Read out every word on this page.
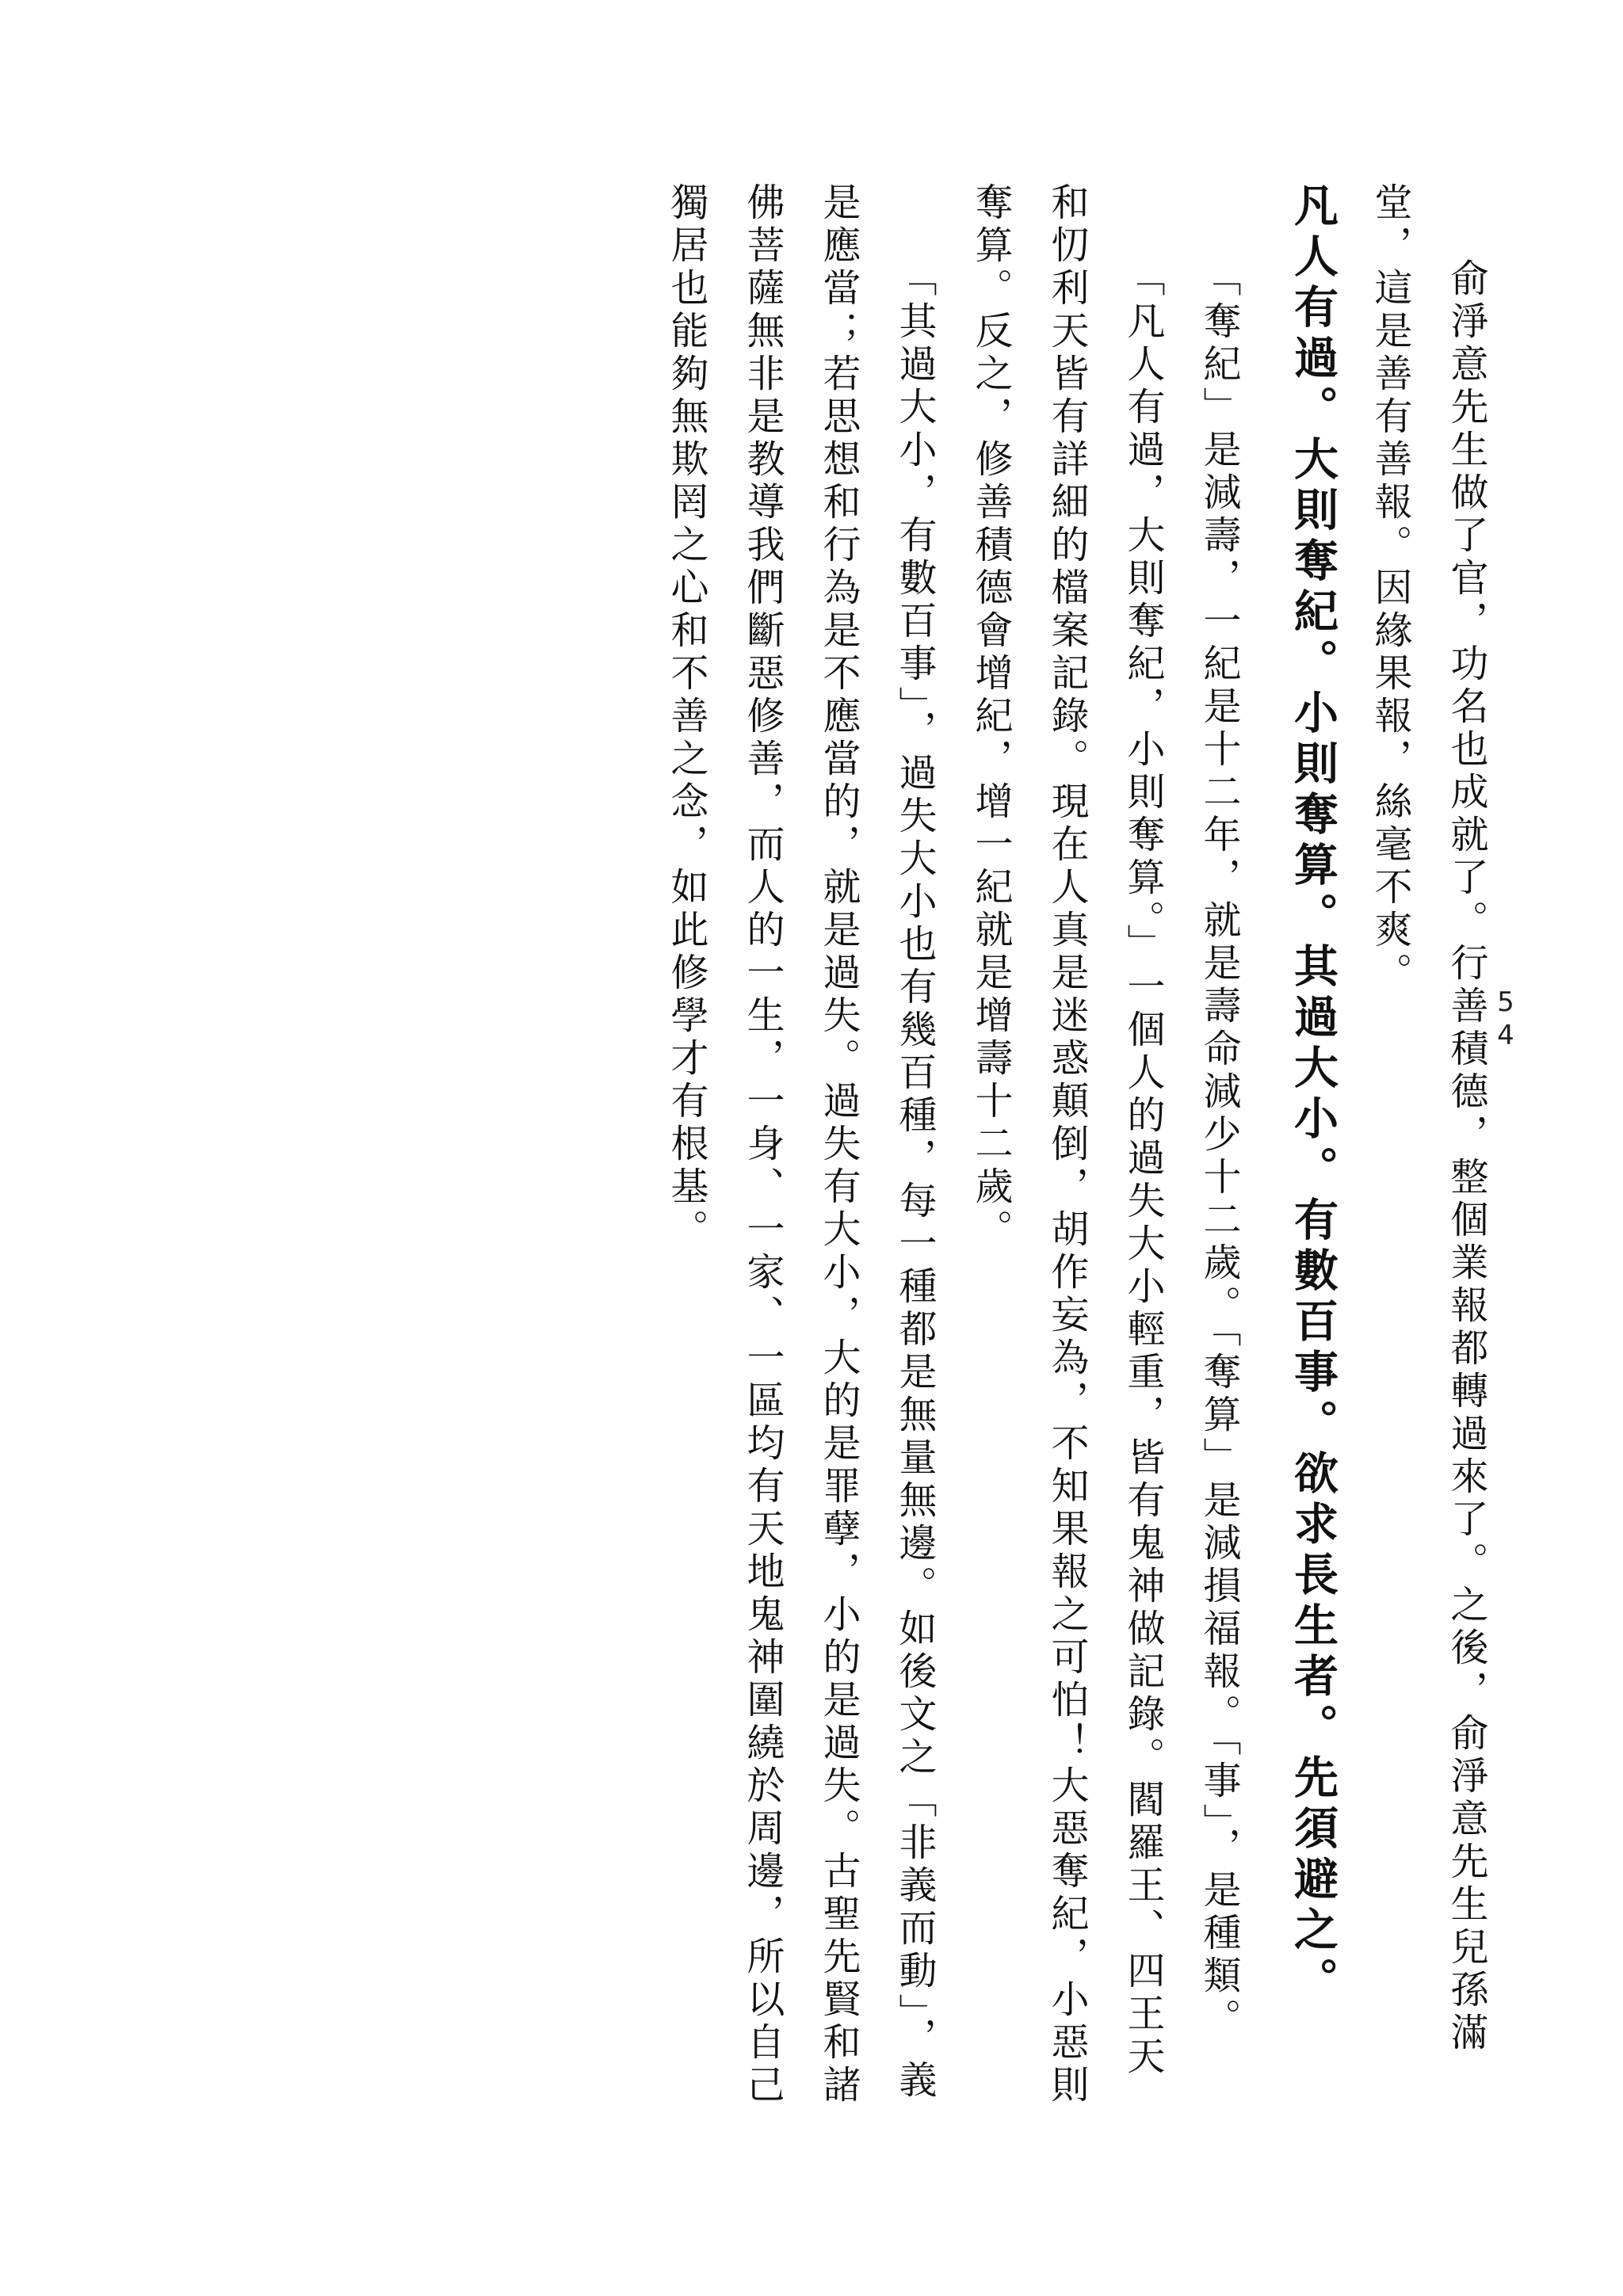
54

俞淨意先生做了官，功名也成就了。行善積德，整個業報都轉過來了。之後，俞淨意先生兒孫滿堂，這是善有善報。因緣果報，絲毫不爽。

凡人有過。大則奪紀。小則奪算。其過大小。有數百事。欲求長生者。先須避之。

「奪紀」是減壽，一紀是十二年，就是壽命減少十二歲。「奪算」是減損福報。「事」，是種類。

「凡人有過，大則奪紀，小則奪算。」一個人的過失大小輕重，皆有鬼神做記錄。閻羅王、四王天和忉利天皆有詳細的檔案記錄。現在人真是迷惑顛倒，胡作妄為，不知果報之可怕！大惡奪紀，小惡則奪算。反之，修善積德會增紀，增一紀就是增壽十二歲。

「其過大小，有數百事」，過失大小也有幾百種，每一種都是無量無邊。如後文之「非義而動」，義是應當；若思想和行為是不應當的，就是過失。過失有大小，大的是罪孽，小的是過失。古聖先賢和諸佛菩薩無非是教導我們斷惡修善，而人的一生，一身、一家、一區均有天地鬼神圍繞於周邊，所以自己獨居也能夠無欺罔之心和不善之念，如此修學才有根基。
